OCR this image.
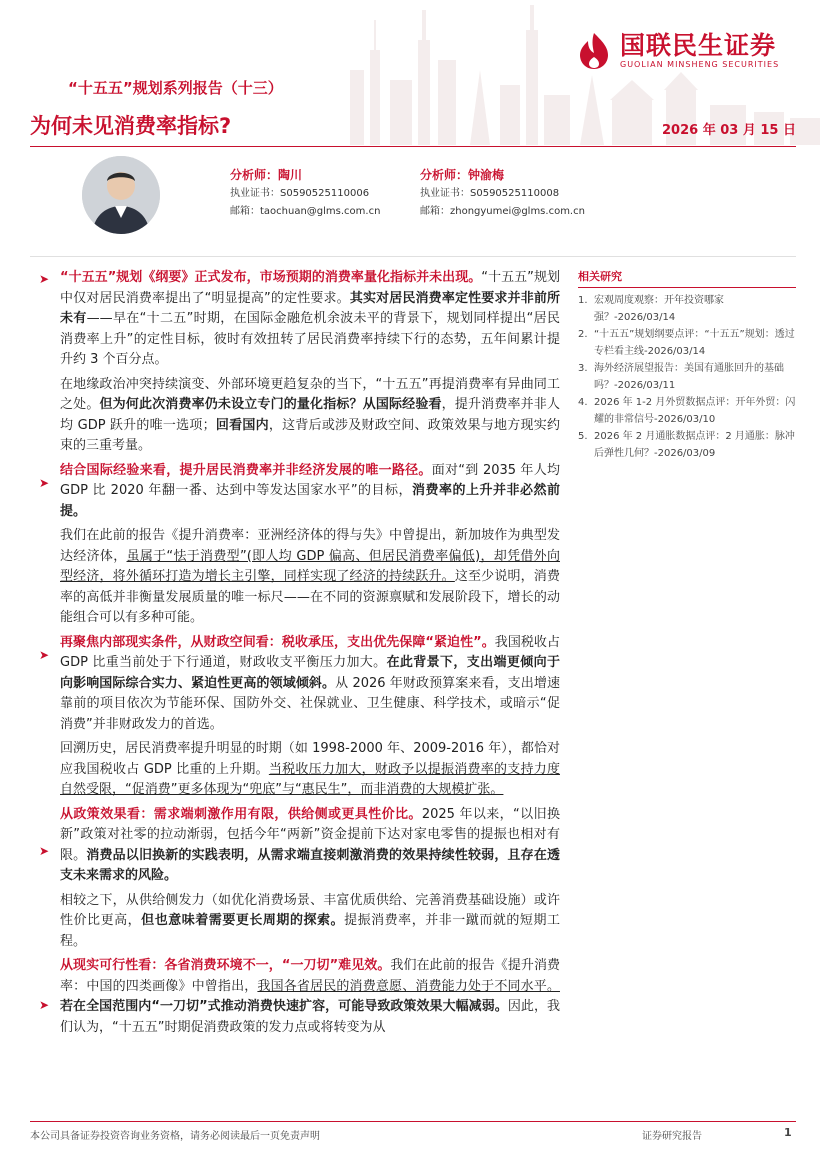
国联民生证券
GUOLIAN MINSHENG SECURITIES
“十五五”规划系列报告（十三）
为何未见消费率指标?	2026 年 03 月 15 日
分析师：陶川
执业证书：S0590525110006
邮箱：taochuan@glms.com.cn
分析师：钟渝梅
执业证书：S0590525110008
邮箱：zhongyumei@glms.com.cn
➤
➤
➤
➤
➤

“十五五”规划《纲要》正式发布，市场预期的消费率量化指标并未出现。“十五五”规划中仅对居民消费率提出了“明显提高”的定性要求。其实对居民消费率定性要求并非前所未有——早在“十二五”时期，在国际金融危机余波未平的背景下，规划同样提出“居民消费率上升”的定性目标，彼时有效扭转了居民消费率持续下行的态势，五年间累计提升约 3 个百分点。

在地缘政治冲突持续演变、外部环境更趋复杂的当下，“十五五”再提消费率有异曲同工之处。但为何此次消费率仍未设立专门的量化指标？从国际经验看，提升消费率并非人均 GDP 跃升的唯一选项；回看国内，这背后或涉及财政空间、政策效果与地方现实约束的三重考量。

结合国际经验来看，提升居民消费率并非经济发展的唯一路径。面对“到 2035 年人均 GDP 比 2020 年翻一番、达到中等发达国家水平”的目标，消费率的上升并非必然前提。

我们在此前的报告《提升消费率：亚洲经济体的得与失》中曾提出，新加坡作为典型发达经济体，虽属于“怯于消费型”(即人均 GDP 偏高、但居民消费率偏低)，却凭借外向型经济，将外循环打造为增长主引擎，同样实现了经济的持续跃升。这至少说明，消费率的高低并非衡量发展质量的唯一标尺——在不同的资源禀赋和发展阶段下，增长的动能组合可以有多种可能。

再聚焦内部现实条件，从财政空间看：税收承压，支出优先保障“紧迫性”。我国税收占 GDP 比重当前处于下行通道，财政收支平衡压力加大。在此背景下，支出端更倾向于向影响国际综合实力、紧迫性更高的领域倾斜。从 2026 年财政预算案来看，支出增速靠前的项目依次为节能环保、国防外交、社保就业、卫生健康、科学技术，或暗示“促消费”并非财政发力的首选。

回溯历史，居民消费率提升明显的时期（如 1998-2000 年、2009-2016 年），都恰对应我国税收占 GDP 比重的上升期。当税收压力加大，财政予以提振消费率的支持力度自然受限，“促消费”更多体现为“兜底”与“惠民生”，而非消费的大规模扩张。

从政策效果看：需求端刺激作用有限，供给侧或更具性价比。2025 年以来，“以旧换新”政策对社零的拉动渐弱，包括今年“两新”资金提前下达对家电零售的提振也相对有限。消费品以旧换新的实践表明，从需求端直接刺激消费的效果持续性较弱，且存在透支未来需求的风险。

相较之下，从供给侧发力（如优化消费场景、丰富优质供给、完善消费基础设施）或许性价比更高，但也意味着需要更长周期的探索。提振消费率，并非一蹴而就的短期工程。

从现实可行性看：各省消费环境不一，“一刀切”难见效。我们在此前的报告《提升消费率：中国的四类画像》中曾指出，我国各省居民的消费意愿、消费能力处于不同水平。若在全国范围内“一刀切”式推动消费快速扩容，可能导致政策效果大幅减弱。因此，我们认为，“十五五”时期促消费政策的发力点或将转变为从

相关研究
1. 宏观周度观察：开年投资哪家强？-2026/03/14
2. “十五五”规划纲要点评：“十五五”规划：透过专栏看主线-2026/03/14
3. 海外经济展望报告：美国有通胀回升的基础吗？-2026/03/11
4. 2026 年 1-2 月外贸数据点评：开年外贸：闪耀的非常信号-2026/03/10
5. 2026 年 2 月通胀数据点评：2 月通胀：脉冲后弹性几何？-2026/03/09
本公司具备证券投资咨询业务资格，请务必阅读最后一页免责声明	证券研究报告	1
